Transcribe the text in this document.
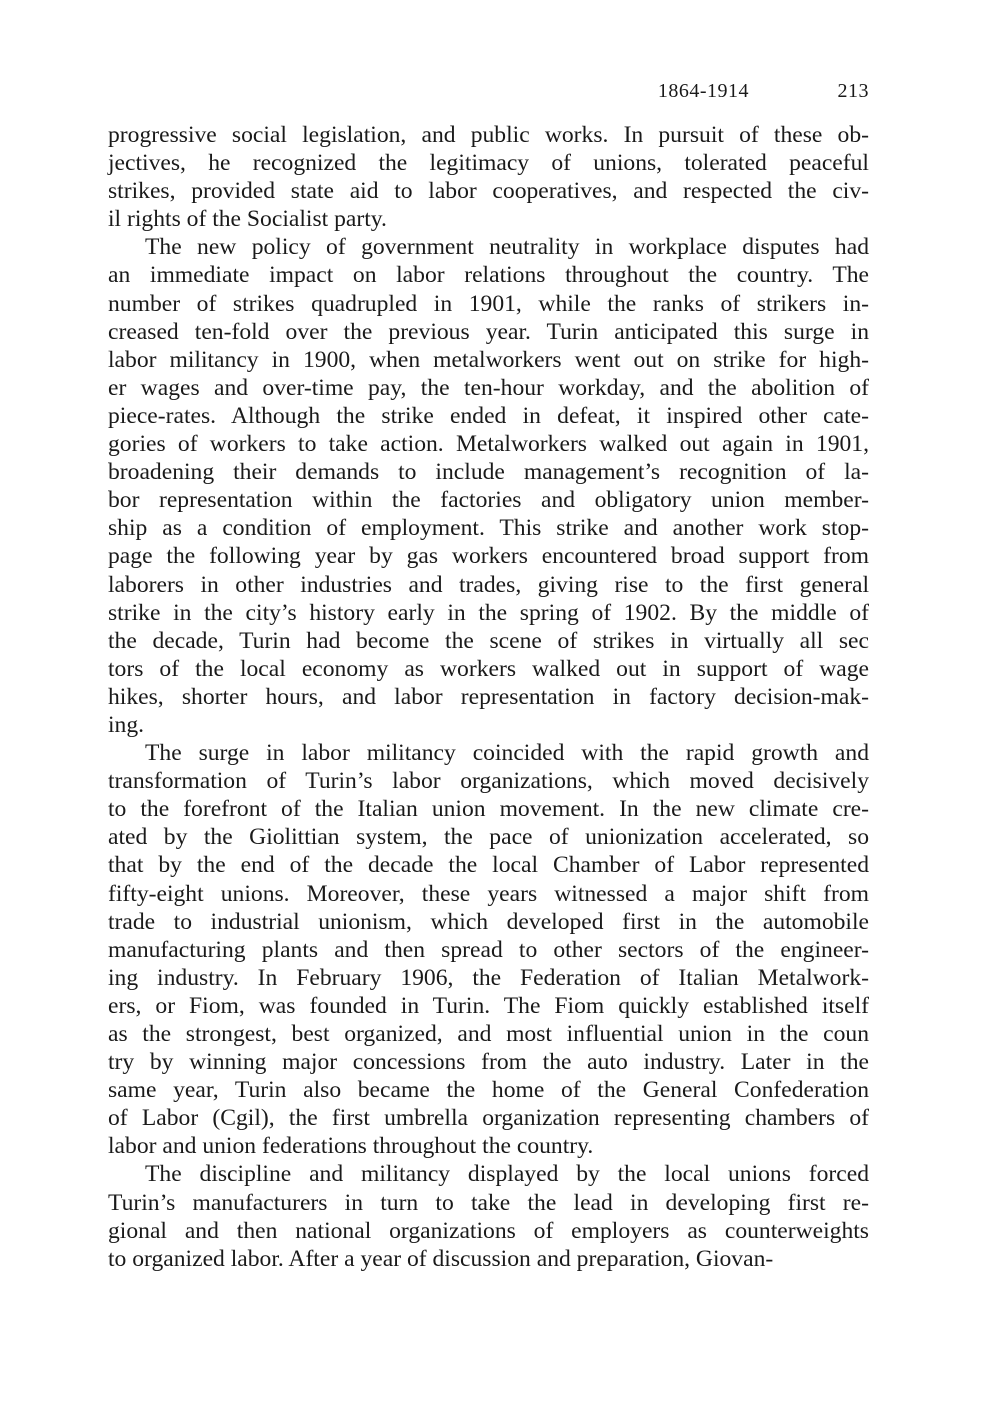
1864-1914	213
progressive social legislation, and public works. In pursuit of these ob-
jectives, he recognized the legitimacy of unions, tolerated peaceful
strikes, provided state aid to labor cooperatives, and respected the civ-
il rights of the Socialist party.
The new policy of government neutrality in workplace disputes had
an immediate impact on labor relations throughout the country. The
number of strikes quadrupled in 1901, while the ranks of strikers in-
creased ten-fold over the previous year. Turin anticipated this surge in
labor militancy in 1900, when metalworkers went out on strike for high-
er wages and over-time pay, the ten-hour workday, and the abolition of
piece-rates. Although the strike ended in defeat, it inspired other cate-
gories of workers to take action. Metalworkers walked out again in 1901,
broadening their demands to include management’s recognition of la-
bor representation within the factories and obligatory union member-
ship as a condition of employment. This strike and another work stop-
page the following year by gas workers encountered broad support from
laborers in other industries and trades, giving rise to the first general
strike in the city’s history early in the spring of 1902. By the middle of
the decade, Turin had become the scene of strikes in virtually all sec
tors of the local economy as workers walked out in support of wage
hikes, shorter hours, and labor representation in factory decision-mak-
ing.
The surge in labor militancy coincided with the rapid growth and
transformation of Turin’s labor organizations, which moved decisively
to the forefront of the Italian union movement. In the new climate cre-
ated by the Giolittian system, the pace of unionization accelerated, so
that by the end of the decade the local Chamber of Labor represented
fifty-eight unions. Moreover, these years witnessed a major shift from
trade to industrial unionism, which developed first in the automobile
manufacturing plants and then spread to other sectors of the engineer-
ing industry. In February 1906, the Federation of Italian Metalwork-
ers, or Fiom, was founded in Turin. The Fiom quickly established itself
as the strongest, best organized, and most influential union in the coun
try by winning major concessions from the auto industry. Later in the
same year, Turin also became the home of the General Confederation
of Labor (Cgil), the first umbrella organization representing chambers of
labor and union federations throughout the country.
The discipline and militancy displayed by the local unions forced
Turin’s manufacturers in turn to take the lead in developing first re-
gional and then national organizations of employers as counterweights
to organized labor. After a year of discussion and preparation, Giovan-
